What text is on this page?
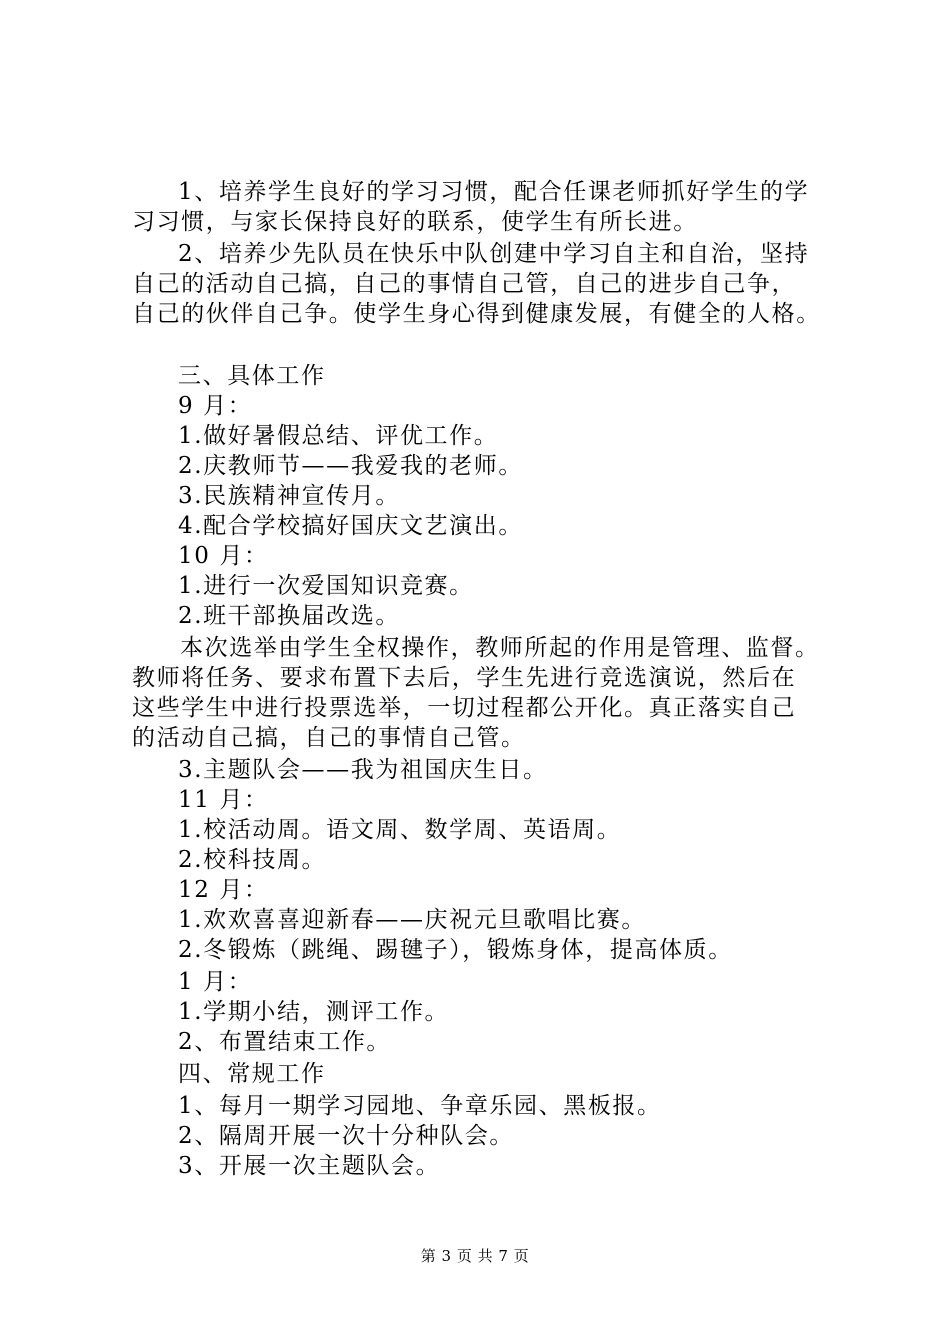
1、培养学生良好的学习习惯，配合任课老师抓好学生的学
习习惯，与家长保持良好的联系，使学生有所长进。
2、培养少先队员在快乐中队创建中学习自主和自治，坚持
自己的活动自己搞，自己的事情自己管，自己的进步自己争，
自己的伙伴自己争。使学生身心得到健康发展，有健全的人格。
三、具体工作
9 月：
1.做好暑假总结、评优工作。
2.庆教师节——我爱我的老师。
3.民族精神宣传月。
4.配合学校搞好国庆文艺演出。
10 月：
1.进行一次爱国知识竞赛。
2.班干部换届改选。
本次选举由学生全权操作，教师所起的作用是管理、监督。
教师将任务、要求布置下去后，学生先进行竞选演说，然后在
这些学生中进行投票选举，一切过程都公开化。真正落实自己
的活动自己搞，自己的事情自己管。
3.主题队会——我为祖国庆生日。
11 月：
1.校活动周。语文周、数学周、英语周。
2.校科技周。
12 月：
1.欢欢喜喜迎新春——庆祝元旦歌唱比赛。
2.冬锻炼（跳绳、踢毽子），锻炼身体，提高体质。
1 月：
1.学期小结，测评工作。
2、布置结束工作。
四、常规工作
1、每月一期学习园地、争章乐园、黑板报。
2、隔周开展一次十分种队会。
3、开展一次主题队会。
第 3 页 共 7 页
